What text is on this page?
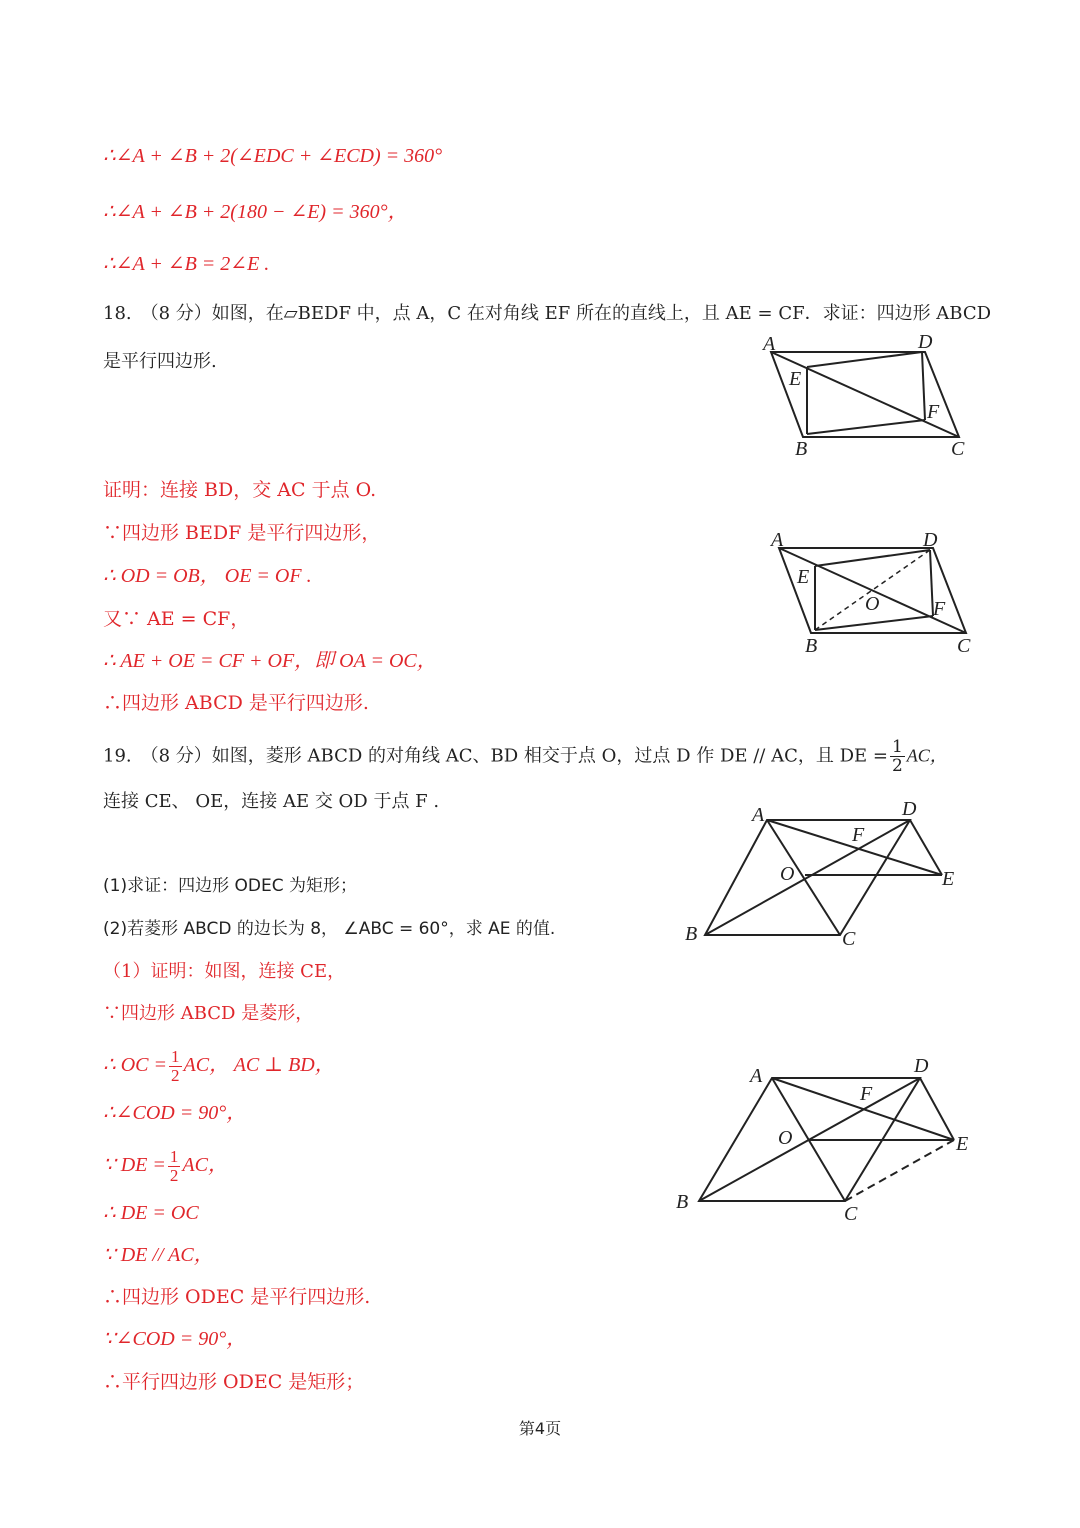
∴∠A + ∠B + 2(∠EDC + ∠ECD) = 360°
∴∠A + ∠B + 2(180 − ∠E) = 360°，
∴∠A + ∠B = 2∠E .
18.　（8 分）如图，在▱BEDF 中，点 A，C 在对角线 EF 所在的直线上，且 AE = CF．求证：四边形 ABCD
是平行四边形.
A	D
E
F
B	C
证明：连接 BD，交 AC 于点 O.
∵四边形 BEDF 是平行四边形，
∴ OD = OB， OE = OF .
又∵ AE = CF，
∴ AE + OE = CF + OF，即 OA = OC，
∴四边形 ABCD 是平行四边形.
A	D
E
O	F
B	C
19.　（8 分）如图，菱形 ABCD 的对角线 AC、BD 相交于点 O，过点 D 作 DE // AC，且 DE = $\frac{1}{2}$ AC，
连接 CE、 OE，连接 AE 交 OD 于点 F .
(1)求证：四边形 ODEC 为矩形；
(2)若菱形 ABCD 的边长为 8， ∠ABC = 60°，求 AE 的值.
A	D
F
O	E
B	C
（1）证明：如图，连接 CE，
∵四边形 ABCD 是菱形，
∴ OC = $\frac{1}{2}$ AC， AC ⊥ BD，
∴∠COD = 90°，
∵ DE = $\frac{1}{2}$ AC，
∴ DE = OC
∵ DE // AC，
∴四边形 ODEC 是平行四边形.
∵∠COD = 90°，
∴平行四边形 ODEC 是矩形；
A	D
F
O	E
B
C
第4页
